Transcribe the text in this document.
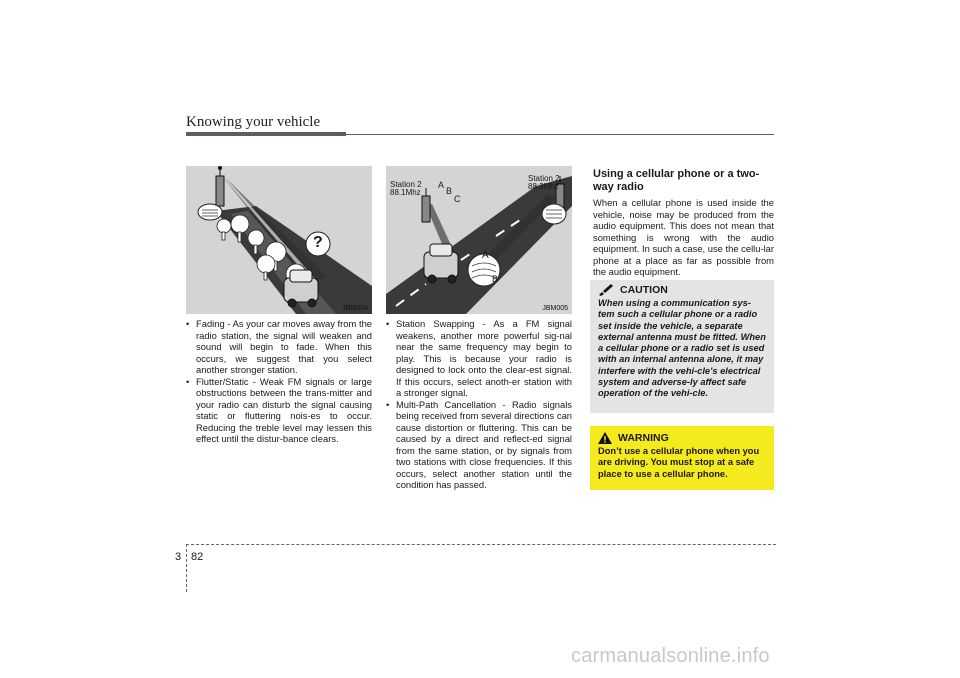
Knowing your vehicle
?
JBM004
Station 2
88.1Mhz
Station 2
88.3Mhz
A
B
C
A
B
JBM005
• Fading - As your car moves away from the radio station, the signal will weaken and sound will begin to fade. When this occurs, we suggest that you select another stronger station.
• Flutter/Static - Weak FM signals or large obstructions between the trans-mitter and your radio can disturb the signal causing static or fluttering nois-es to occur. Reducing the treble level may lessen this effect until the distur-bance clears.
• Station Swapping - As a FM signal weakens, another more powerful sig-nal near the same frequency may begin to play. This is because your radio is designed to lock onto the clear-est signal. If this occurs, select anoth-er station with a stronger signal.
• Multi-Path Cancellation - Radio signals being received from several directions can cause distortion or fluttering. This can be caused by a direct and reflect-ed signal from the same station, or by signals from two stations with close frequencies. If this occurs, select another station until the condition has passed.
Using a cellular phone or a two-way radio
When a cellular phone is used inside the vehicle, noise may be produced from the audio equipment. This does not mean that something is wrong with the audio equipment. In such a case, use the cellu-lar phone at a place as far as possible from the audio equipment.
CAUTION
When using a communication sys-tem such a cellular phone or a radio set inside the vehicle, a separate external antenna must be fitted. When a cellular phone or a radio set is used with an internal antenna alone, it may interfere with the vehi-cle's electrical system and adverse-ly affect safe operation of the vehi-cle.
WARNING
Don’t use a cellular phone when you are driving. You must stop at a safe place to use a cellular phone.
3 82
carmanualsonline.info
